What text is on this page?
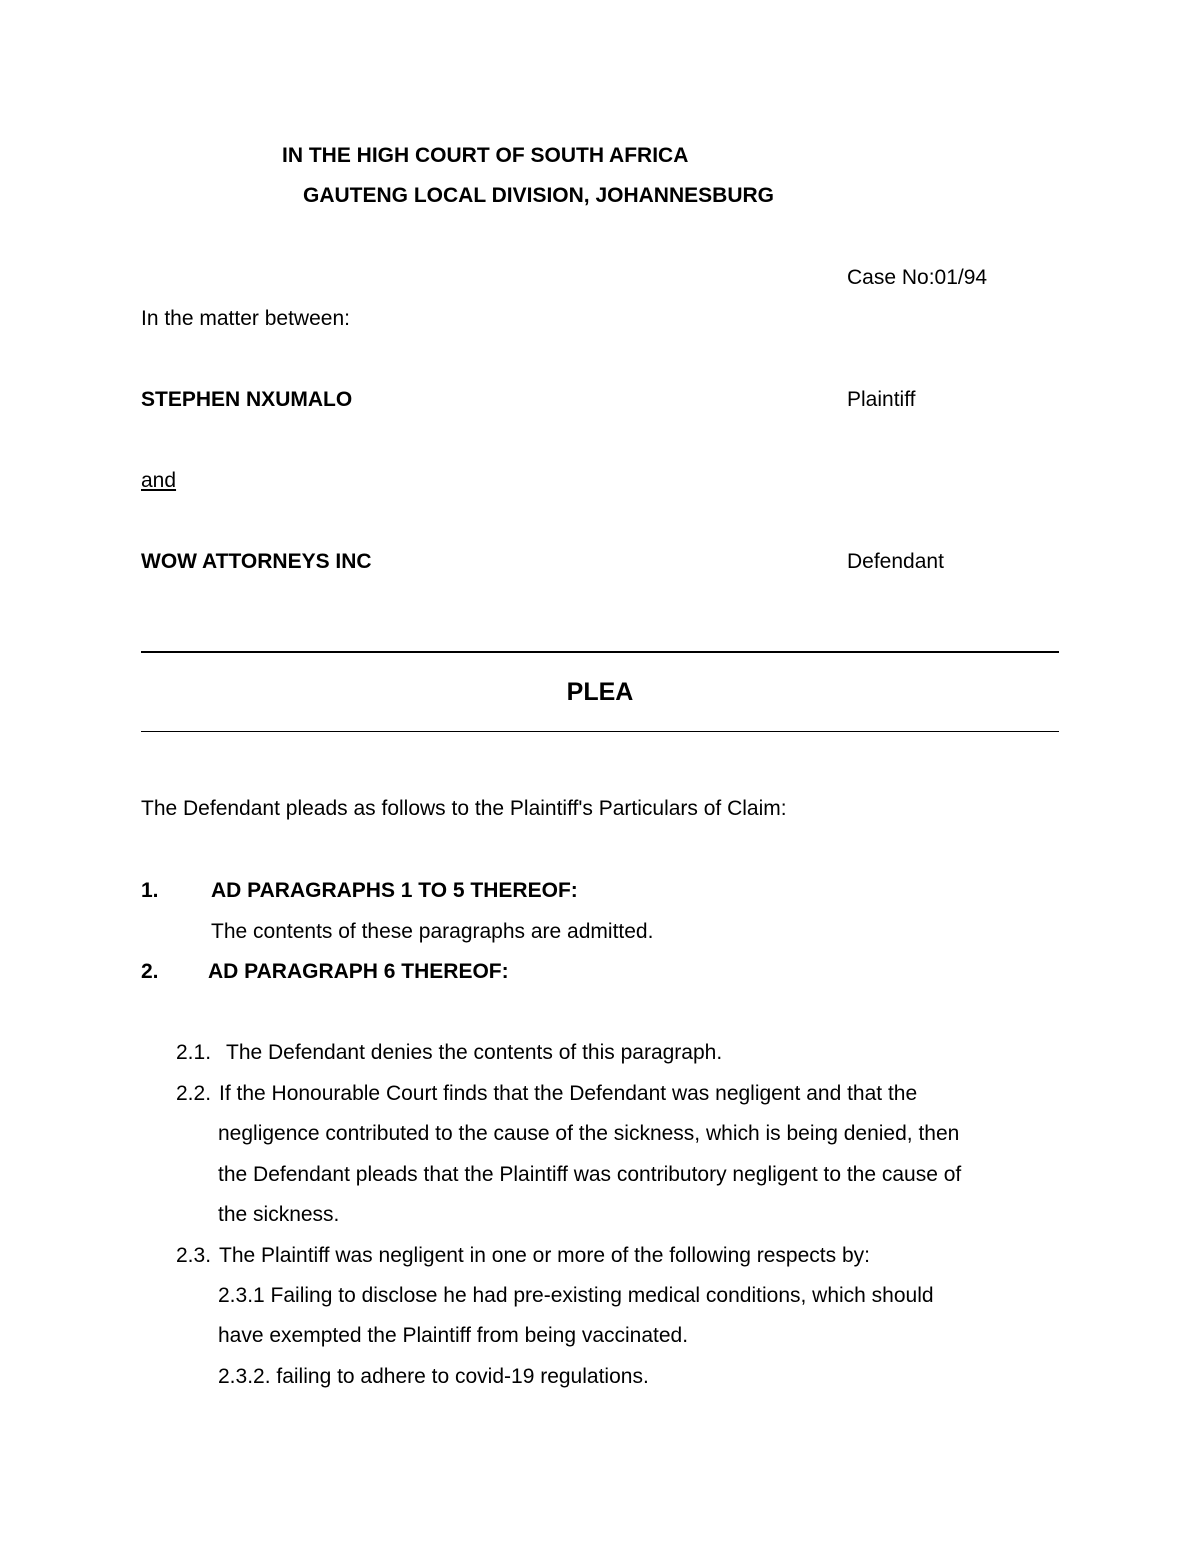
IN THE HIGH COURT OF SOUTH AFRICA
GAUTENG LOCAL DIVISION, JOHANNESBURG
Case No:01/94
In the matter between:
STEPHEN NXUMALO	Plaintiff
and
WOW ATTORNEYS INC	Defendant
PLEA
The Defendant pleads as follows to the Plaintiff's Particulars of Claim:
1. AD PARAGRAPHS 1 TO 5 THEREOF:
The contents of these paragraphs are admitted.
2. AD PARAGRAPH 6 THEREOF:
2.1. The Defendant denies the contents of this paragraph.
2.2. If the Honourable Court finds that the Defendant was negligent and that the
negligence contributed to the cause of the sickness, which is being denied, then
the Defendant pleads that the Plaintiff was contributory negligent to the cause of
the sickness.
2.3. The Plaintiff was negligent in one or more of the following respects by:
2.3.1 Failing to disclose he had pre-existing medical conditions, which should
have exempted the Plaintiff from being vaccinated.
2.3.2. failing to adhere to covid-19 regulations.
